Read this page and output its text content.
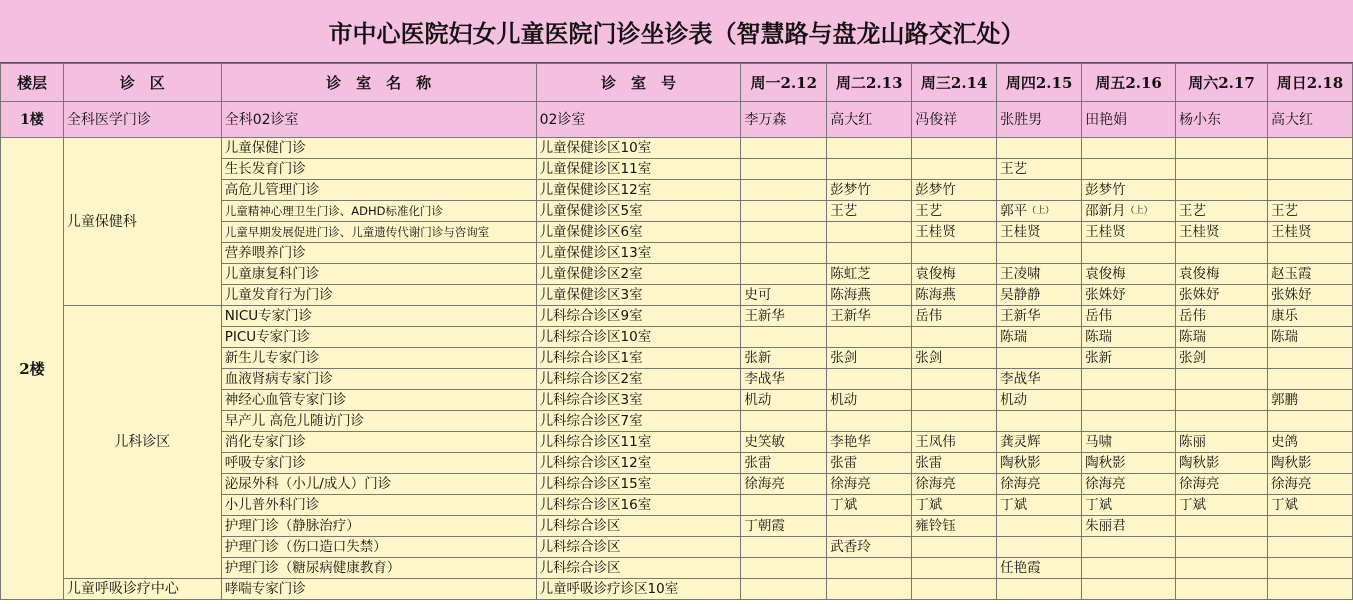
市中心医院妇女儿童医院门诊坐诊表（智慧路与盘龙山路交汇处）
楼层	诊　区	诊　室　名　称	诊　室　号	周一2.12	周二2.13	周三2.14	周四2.15	周五2.16	周六2.17	周日2.18
1楼	全科医学门诊	全科02诊室	02诊室	李万森	高大红	冯俊祥	张胜男	田艳娟	杨小东	高大红
2楼	儿童保健科	儿童保健门诊	儿童保健诊区10室							
		生长发育门诊	儿童保健诊区11室				王艺			
		高危儿管理门诊	儿童保健诊区12室		彭梦竹	彭梦竹		彭梦竹		
		儿童精神心理卫生门诊、ADHD标准化门诊	儿童保健诊区5室		王艺	王艺	郭平（上）	邵新月（上）	王艺	王艺
		儿童早期发展促进门诊、儿童遗传代谢门诊与咨询室	儿童保健诊区6室			王桂贤	王桂贤	王桂贤	王桂贤	王桂贤
		营养喂养门诊	儿童保健诊区13室							
		儿童康复科门诊	儿童保健诊区2室		陈虹芝	袁俊梅	王凌啸	袁俊梅	袁俊梅	赵玉霞
		儿童发育行为门诊	儿童保健诊区3室	史可	陈海燕	陈海燕	吴静静	张姝妤	张姝妤	张姝妤
	儿科诊区	NICU专家门诊	儿科综合诊区9室	王新华	王新华	岳伟	王新华	岳伟	岳伟	康乐
		PICU专家门诊	儿科综合诊区10室				陈瑞	陈瑞	陈瑞	陈瑞
		新生儿专家门诊	儿科综合诊区1室	张新	张剑	张剑		张新	张剑	
		血液肾病专家门诊	儿科综合诊区2室	李战华			李战华			
		神经心血管专家门诊	儿科综合诊区3室	机动	机动		机动			郭鹏
		早产儿 高危儿随访门诊	儿科综合诊区7室							
		消化专家门诊	儿科综合诊区11室	史笑敏	李艳华	王凤伟	龚灵辉	马啸	陈丽	史鸽
		呼吸专家门诊	儿科综合诊区12室	张雷	张雷	张雷	陶秋影	陶秋影	陶秋影	陶秋影
		泌尿外科（小儿/成人）门诊	儿科综合诊区15室	徐海亮	徐海亮	徐海亮	徐海亮	徐海亮	徐海亮	徐海亮
		小儿普外科门诊	儿科综合诊区16室		丁斌	丁斌	丁斌	丁斌	丁斌	丁斌
		护理门诊（静脉治疗）	儿科综合诊区	丁朝霞		雍铃钰		朱丽君		
		护理门诊（伤口造口失禁）	儿科综合诊区		武香玲					
		护理门诊（糖尿病健康教育）	儿科综合诊区				任艳霞			
	儿童呼吸诊疗中心	哮喘专家门诊	儿童呼吸诊疗诊区10室							
